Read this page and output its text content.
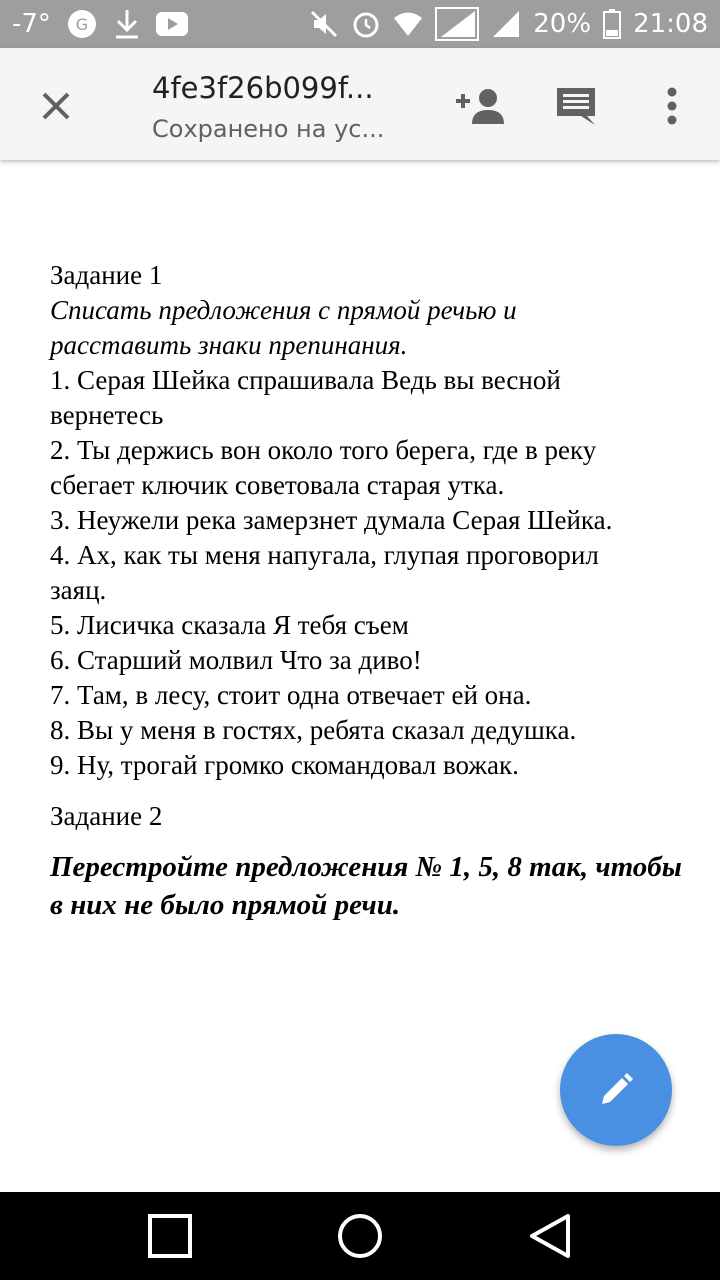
-7° G	20% 21:08
4fe3f26b099f...
Сохранено на ус...
Задание 1
Списать предложения с прямой речью и
расставить знаки препинания.
1. Серая Шейка спрашивала Ведь вы весной
вернетесь
2. Ты держись вон около того берега, где в реку
сбегает ключик советовала старая утка.
3. Неужели река замерзнет думала Серая Шейка.
4. Ах, как ты меня напугала, глупая проговорил
заяц.
5. Лисичка сказала Я тебя съем
6. Старший молвил Что за диво!
7. Там, в лесу, стоит одна отвечает ей она.
8. Вы у меня в гостях, ребята сказал дедушка.
9. Ну, трогай громко скомандовал вожак.
Задание 2
Перестройте предложения № 1, 5, 8 так, чтобы
в них не было прямой речи.
